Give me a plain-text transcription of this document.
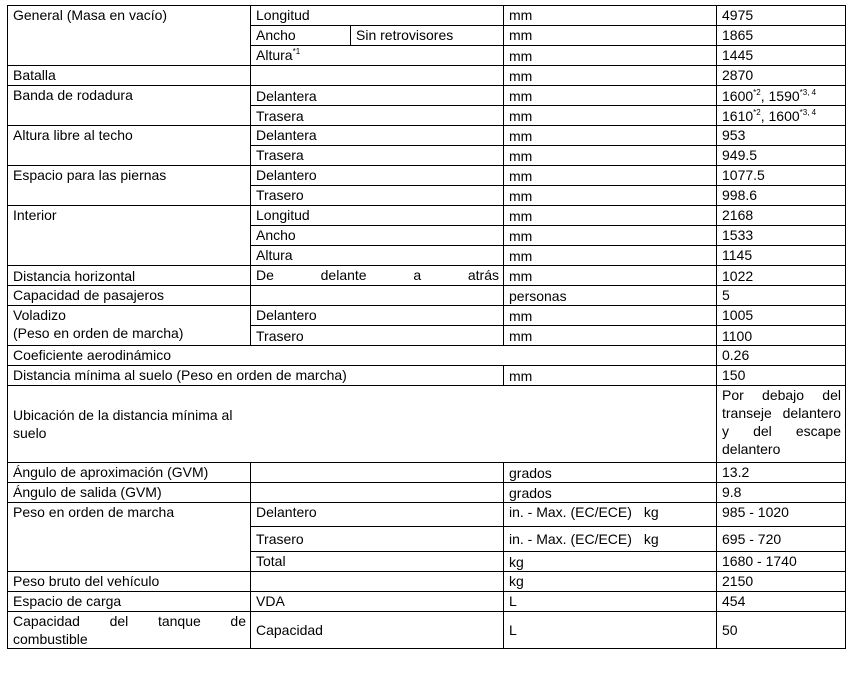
General (Masa en vacío)	Longitud		mm	4975
	Ancho	Sin retrovisores	mm	1865
	Altura$^{*1}$		mm	1445
Batalla			mm	2870
Banda de rodadura	Delantera		mm	1600$^{*2}$, 1590$^{*3, 4}$
	Trasera		mm	1610$^{*2}$, 1600$^{*3, 4}$
Altura libre al techo	Delantera		mm	953
	Trasera		mm	949.5
Espacio para las piernas	Delantero		mm	1077.5
	Trasero		mm	998.6
Interior	Longitud		mm	2168
	Ancho		mm	1533
	Altura		mm	1145
Distancia horizontal	De delante a atrás		mm	1022
Capacidad de pasajeros			personas	5
Voladizo
(Peso en orden de marcha)	Delantero		mm	1005
	Trasero		mm	1100
Coeficiente aerodinámico				0.26
Distancia mínima al suelo (Peso en orden de marcha)			mm	150

Ubicación de la distancia mínima al suelo				Por debajo del transeje delantero y del escape delantero
Ángulo de aproximación (GVM)			grados	13.2
Ángulo de salida (GVM)			grados	9.8
Peso en orden de marcha	Delantero		in. - Max. (EC/ECE) kg	985 - 1020
	Trasero		in. - Max. (EC/ECE) kg	695 - 720
	Total		kg	1680 - 1740
Peso bruto del vehículo			kg	2150
Espacio de carga	VDA		L	454
Capacidad del tanque de combustible	Capacidad		L	50
